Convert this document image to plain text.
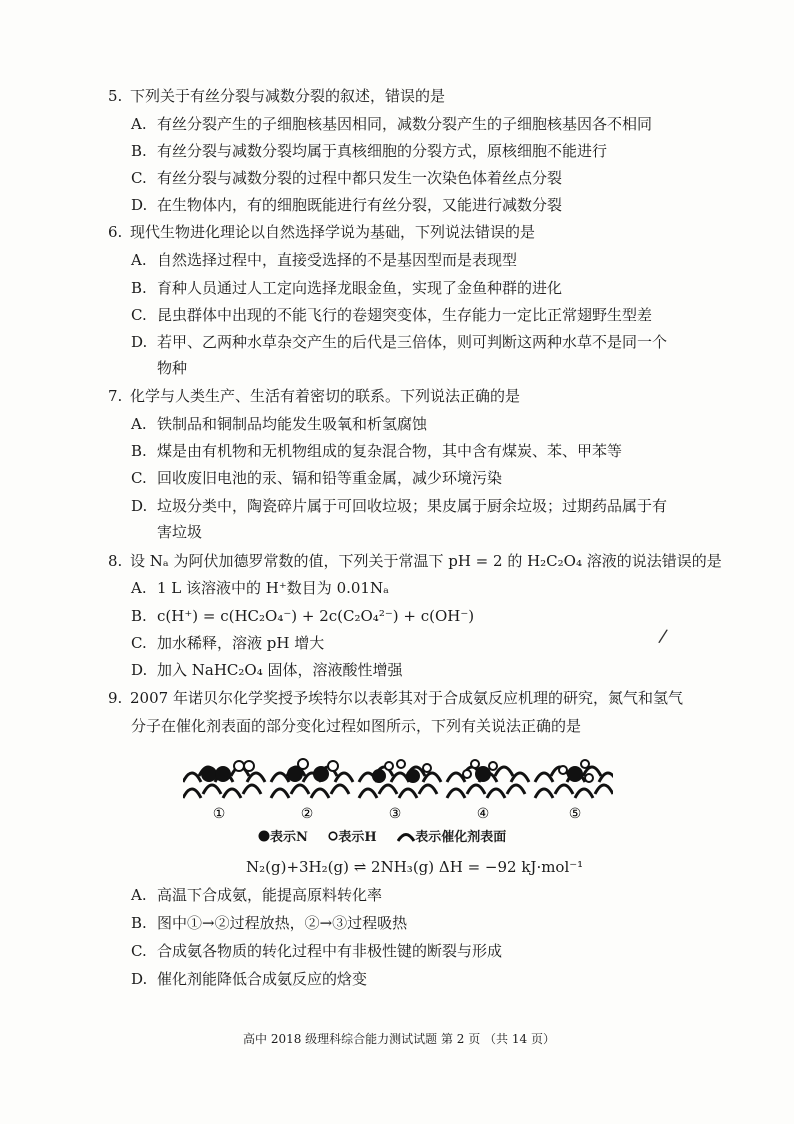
5. 下列关于有丝分裂与减数分裂的叙述，错误的是
A. 有丝分裂产生的子细胞核基因相同，减数分裂产生的子细胞核基因各不相同
B. 有丝分裂与减数分裂均属于真核细胞的分裂方式，原核细胞不能进行
C. 有丝分裂与减数分裂的过程中都只发生一次染色体着丝点分裂
D. 在生物体内，有的细胞既能进行有丝分裂，又能进行减数分裂
6. 现代生物进化理论以自然选择学说为基础，下列说法错误的是
A. 自然选择过程中，直接受选择的不是基因型而是表现型
B. 育种人员通过人工定向选择龙眼金鱼，实现了金鱼种群的进化
C. 昆虫群体中出现的不能飞行的卷翅突变体，生存能力一定比正常翅野生型差
D. 若甲、乙两种水草杂交产生的后代是三倍体，则可判断这两种水草不是同一个
物种
7. 化学与人类生产、生活有着密切的联系。下列说法正确的是
A. 铁制品和铜制品均能发生吸氧和析氢腐蚀
B. 煤是由有机物和无机物组成的复杂混合物，其中含有煤炭、苯、甲苯等
C. 回收废旧电池的汞、镉和铅等重金属，减少环境污染
D. 垃圾分类中，陶瓷碎片属于可回收垃圾；果皮属于厨余垃圾；过期药品属于有
害垃圾
8. 设 Nₐ 为阿伏加德罗常数的值，下列关于常温下 pH = 2 的 H₂C₂O₄ 溶液的说法错误的是
A. 1 L 该溶液中的 H⁺数目为 0.01Nₐ
B. c(H⁺) = c(HC₂O₄⁻) + 2c(C₂O₄²⁻) + c(OH⁻)
C. 加水稀释，溶液 pH 增大
D. 加入 NaHC₂O₄ 固体，溶液酸性增强
/
9. 2007 年诺贝尔化学奖授予埃特尔以表彰其对于合成氨反应机理的研究，氮气和氢气
分子在催化剂表面的部分变化过程如图所示，下列有关说法正确的是
①	②	③	④	⑤
表示N 表示H	表示催化剂表面
N₂(g)+3H₂(g) ⇌ 2NH₃(g) ΔH = −92 kJ·mol⁻¹
A. 高温下合成氨，能提高原料转化率
B. 图中①→②过程放热，②→③过程吸热
C. 合成氨各物质的转化过程中有非极性键的断裂与形成
D. 催化剂能降低合成氨反应的焓变
高中 2018 级理科综合能力测试试题 第 2 页 （共 14 页）
